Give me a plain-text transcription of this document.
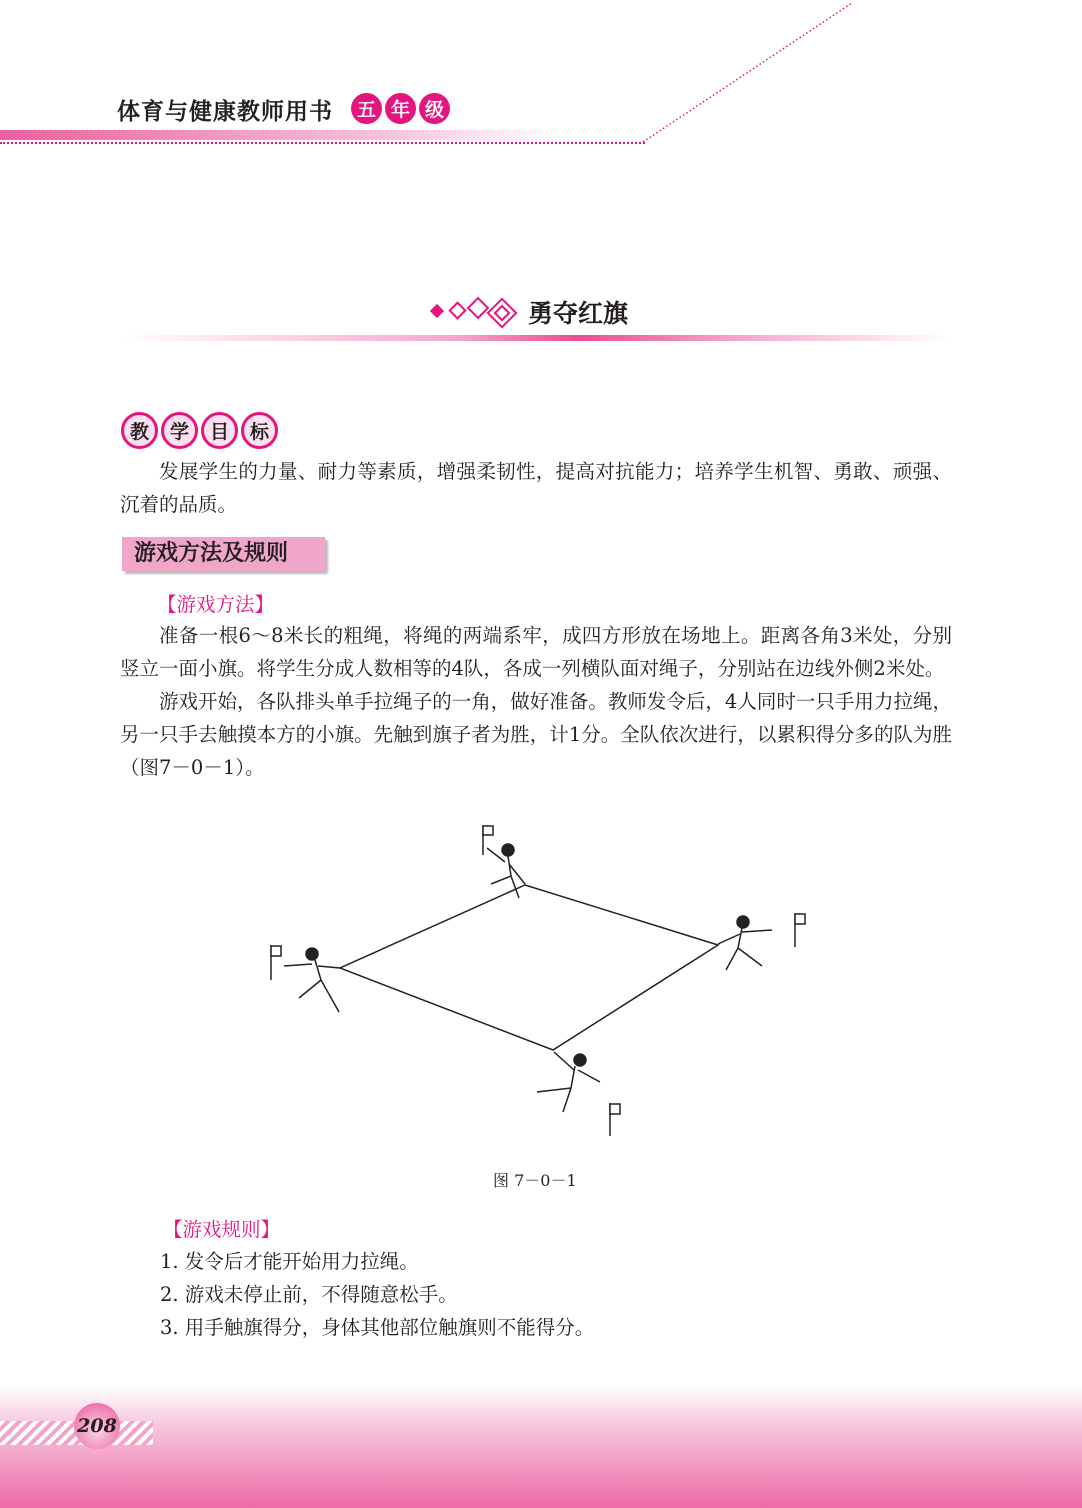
体育与健康教师用书	五 年 级
勇夺红旗
教	学	目	标

发展学生的力量、耐力等素质，增强柔韧性，提高对抗能力；培养学生机智、勇敢、顽强、沉着的品质。

游戏方法及规则
【游戏方法】

准备一根6～8米长的粗绳，将绳的两端系牢，成四方形放在场地上。距离各角3米处，分别竖立一面小旗。将学生分成人数相等的4队，各成一列横队面对绳子，分别站在边线外侧2米处。

游戏开始，各队排头单手拉绳子的一角，做好准备。教师发令后，4人同时一只手用力拉绳，另一只手去触摸本方的小旗。先触到旗子者为胜，计1分。全队依次进行，以累积得分多的队为胜（图7－0－1）。

图 7－0－1
【游戏规则】
1. 发令后才能开始用力拉绳。
2. 游戏未停止前，不得随意松手。
3. 用手触旗得分，身体其他部位触旗则不能得分。
208
